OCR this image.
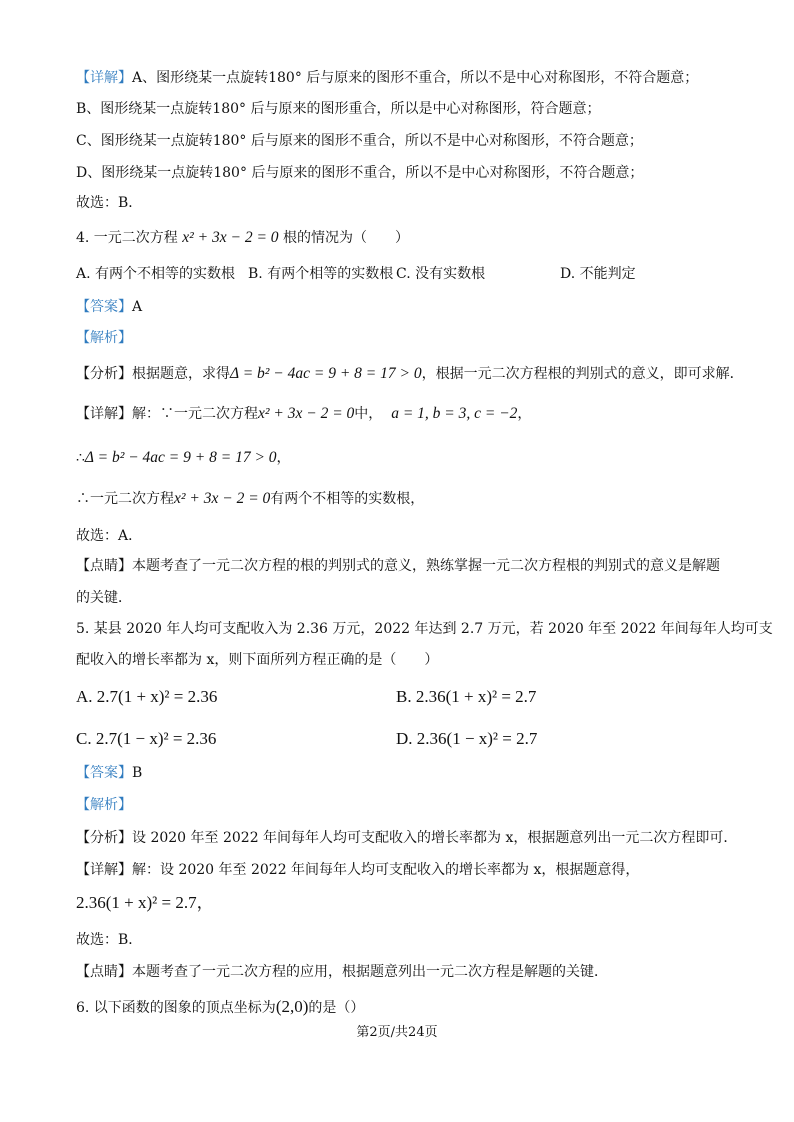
【详解】A、图形绕某一点旋转180° 后与原来的图形不重合，所以不是中心对称图形，不符合题意；
B、图形绕某一点旋转180° 后与原来的图形重合，所以是中心对称图形，符合题意；
C、图形绕某一点旋转180° 后与原来的图形不重合，所以不是中心对称图形，不符合题意；
D、图形绕某一点旋转180° 后与原来的图形不重合，所以不是中心对称图形，不符合题意；
故选：B．
4. 一元二次方程 x² + 3x − 2 = 0 根的情况为（　　）
A. 有两个不相等的实数根 B. 有两个相等的实数根 C. 没有实数根	D. 不能判定
【答案】A
【解析】
【分析】根据题意，求得Δ = b² − 4ac = 9 + 8 = 17 > 0，根据一元二次方程根的判别式的意义，即可求解．
【详解】解：∵一元二次方程x² + 3x − 2 = 0中， a = 1, b = 3, c = −2，
∴Δ = b² − 4ac = 9 + 8 = 17 > 0，
∴一元二次方程x² + 3x − 2 = 0有两个不相等的实数根，
故选：A．
【点睛】本题考查了一元二次方程的根的判别式的意义，熟练掌握一元二次方程根的判别式的意义是解题
的关键．
5. 某县 2020 年人均可支配收入为 2.36 万元，2022 年达到 2.7 万元，若 2020 年至 2022 年间每年人均可支
配收入的增长率都为 x，则下面所列方程正确的是（　　）
A. 2.7(1 + x)² = 2.36	B. 2.36(1 + x)² = 2.7
C. 2.7(1 − x)² = 2.36	D. 2.36(1 − x)² = 2.7
【答案】B
【解析】
【分析】设 2020 年至 2022 年间每年人均可支配收入的增长率都为 x，根据题意列出一元二次方程即可．
【详解】解：设 2020 年至 2022 年间每年人均可支配收入的增长率都为 x，根据题意得，
2.36(1 + x)² = 2.7，
故选：B．
【点睛】本题考查了一元二次方程的应用，根据题意列出一元二次方程是解题的关键．
6. 以下函数的图象的顶点坐标为(2,0)的是（）
第2页/共24页
